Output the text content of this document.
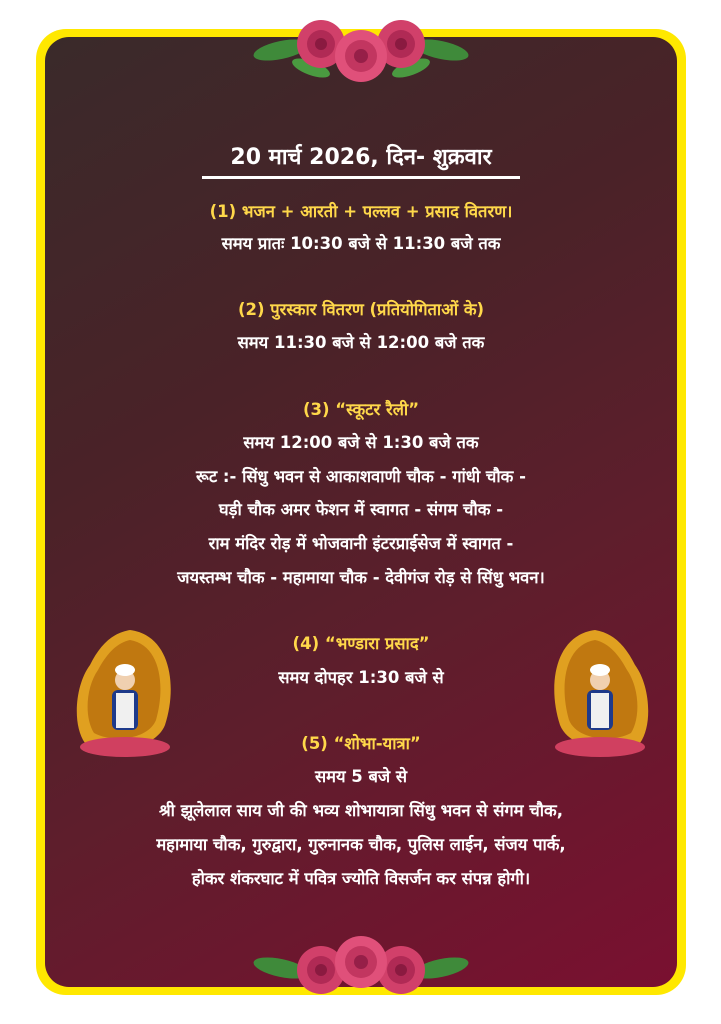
20 मार्च 2026, दिन- शुक्रवार
(1) भजन + आरती + पल्लव + प्रसाद वितरण।
समय प्रातः 10:30 बजे से 11:30 बजे तक
(2) पुरस्कार वितरण (प्रतियोगिताओं के)
समय 11:30 बजे से 12:00 बजे तक
(3) “स्कूटर रैली”
समय 12:00 बजे से 1:30 बजे तक
रूट :- सिंधु भवन से आकाशवाणी चौक - गांधी चौक -
घड़ी चौक अमर फेशन में स्वागत - संगम चौक -
राम मंदिर रोड़ में भोजवानी इंटरप्राईसेज में स्वागत -
जयस्तम्भ चौक - महामाया चौक - देवीगंज रोड़ से सिंधु भवन।
(4) “भण्डारा प्रसाद”
समय दोपहर 1:30 बजे से
(5) “शोभा-यात्रा”
समय 5 बजे से
श्री झूलेलाल साय जी की भव्य शोभायात्रा सिंधु भवन से संगम चौक,
महामाया चौक, गुरुद्वारा, गुरुनानक चौक, पुलिस लाईन, संजय पार्क,
होकर शंकरघाट में पवित्र ज्योति विसर्जन कर संपन्न होगी।
